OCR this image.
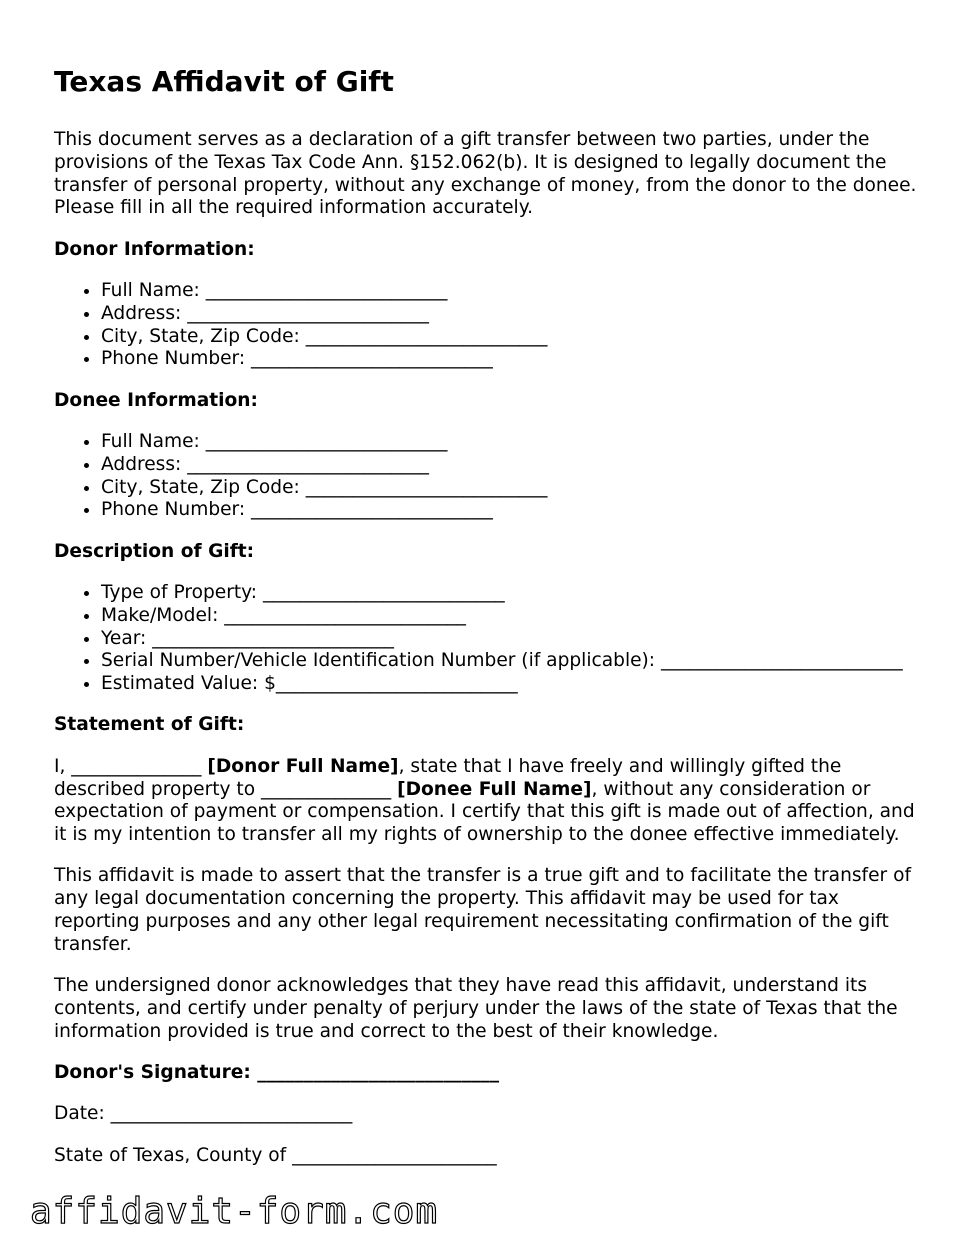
Texas Affidavit of Gift

This document serves as a declaration of a gift transfer between two parties, under the provisions of the Texas Tax Code Ann. §152.062(b). It is designed to legally document the transfer of personal property, without any exchange of money, from the donor to the donee. Please fill in all the required information accurately.

Donor Information:
• Full Name: __________________________
• Address: __________________________
• City, State, Zip Code: __________________________
• Phone Number: __________________________
Donee Information:
• Full Name: __________________________
• Address: __________________________
• City, State, Zip Code: __________________________
• Phone Number: __________________________
Description of Gift:
• Type of Property: __________________________
• Make/Model: __________________________
• Year: __________________________
• Serial Number/Vehicle Identification Number (if applicable): __________________________
• Estimated Value: $__________________________
Statement of Gift:

I, ______________ [Donor Full Name], state that I have freely and willingly gifted the described property to ______________ [Donee Full Name], without any consideration or expectation of payment or compensation. I certify that this gift is made out of affection, and it is my intention to transfer all my rights of ownership to the donee effective immediately.

This affidavit is made to assert that the transfer is a true gift and to facilitate the transfer of any legal documentation concerning the property. This affidavit may be used for tax reporting purposes and any other legal requirement necessitating confirmation of the gift transfer.

The undersigned donor acknowledges that they have read this affidavit, understand its contents, and certify under penalty of perjury under the laws of the state of Texas that the information provided is true and correct to the best of their knowledge.

Donor's Signature: __________________________

Date: __________________________

State of Texas, County of ______________________

affidavit-form.com
